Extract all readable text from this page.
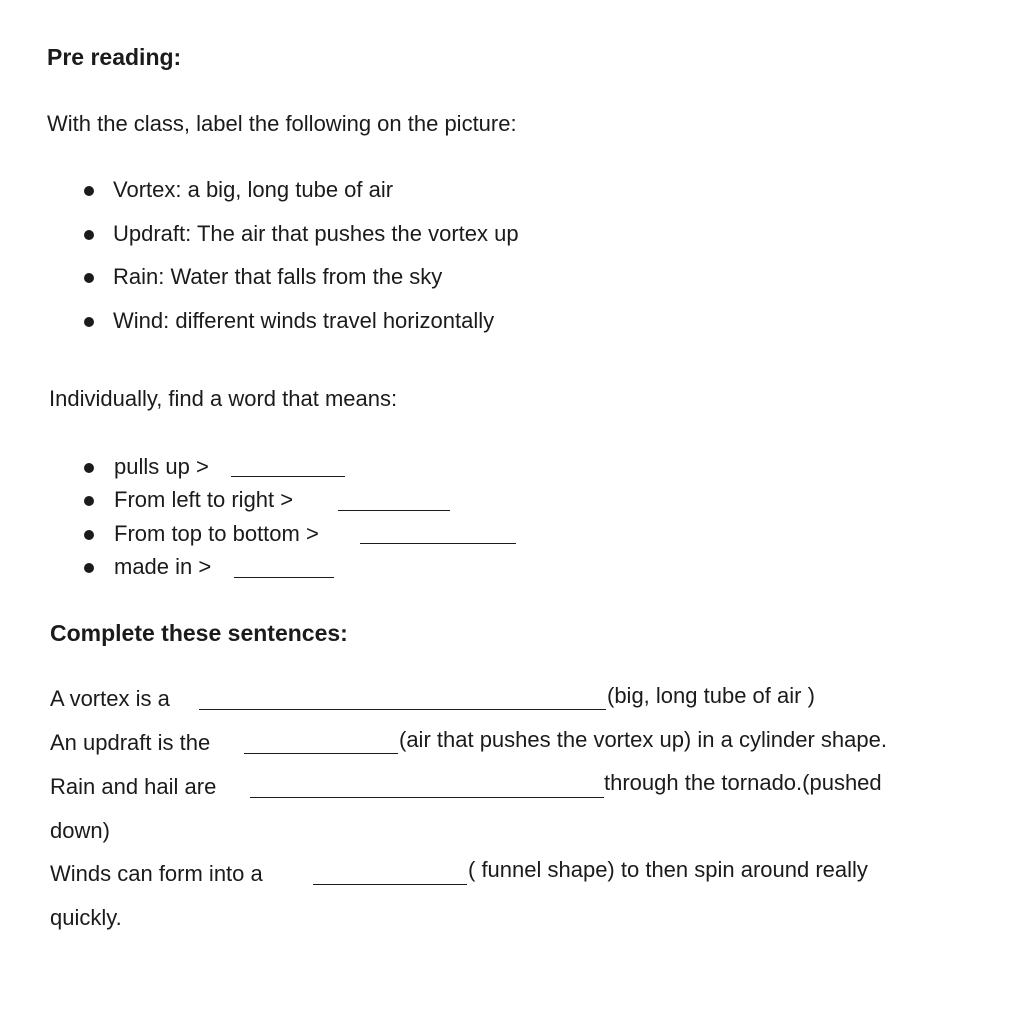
Pre reading:
With the class, label the following on the picture:
Vortex: a big, long tube of air
Updraft: The air that pushes the vortex up
Rain: Water that falls from the sky
Wind: different winds travel horizontally
Individually, find a word that means:
pulls up >
From left to right >
From top to bottom >
made in >
Complete these sentences:
A vortex is a	(big, long tube of air )
An updraft is the	(air that pushes the vortex up) in a cylinder shape.
Rain and hail are	through the tornado.(pushed
down)
Winds can form into a	( funnel shape) to then spin around really
quickly.
